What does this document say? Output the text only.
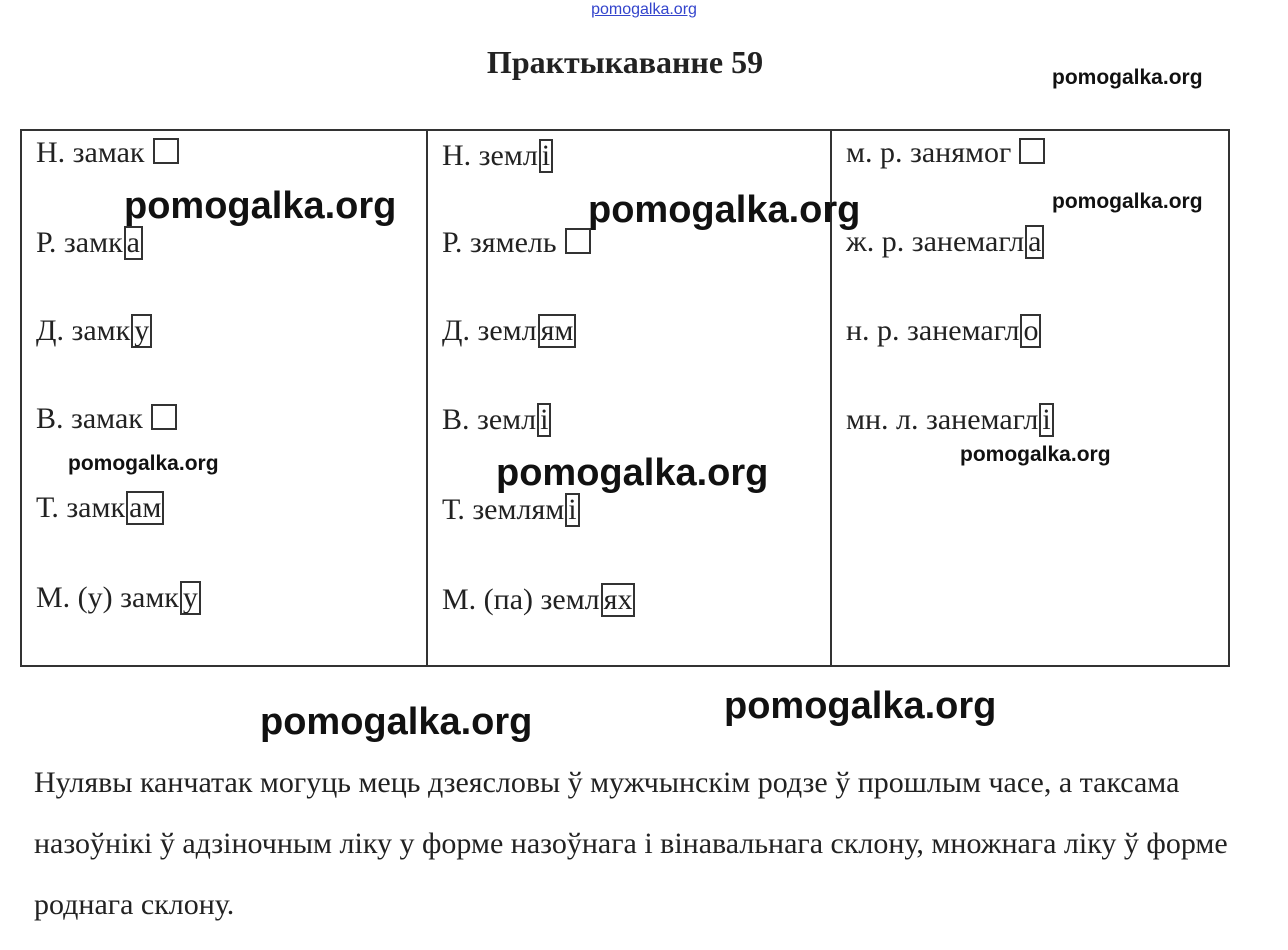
pomogalka.org
Практыкаванне 59
Н. замак
Р. замк а
Д. замк у
В. замак
Т. замк ам
М. (у) замк у
Н. земл і
Р. зямель
Д. земл ям
В. земл і
Т. землям і
М. (па) земл ях
м. р. занямог
ж. р. занемагл а
н. р. занемагл о
мн. л. занемагл і
pomogalka.org
pomogalka.org	pomogalka.org	pomogalka.org
pomogalka.org	pomogalka.org	pomogalka.org
pomogalka.org
pomogalka.org
Нулявы канчатак могуць мець дзеясловы ў мужчынскім родзе ў прошлым часе, а таксама назоўнікі ў адзіночным ліку у форме назоўнага і вінавальнага склону, множнага ліку ў форме роднага склону.
